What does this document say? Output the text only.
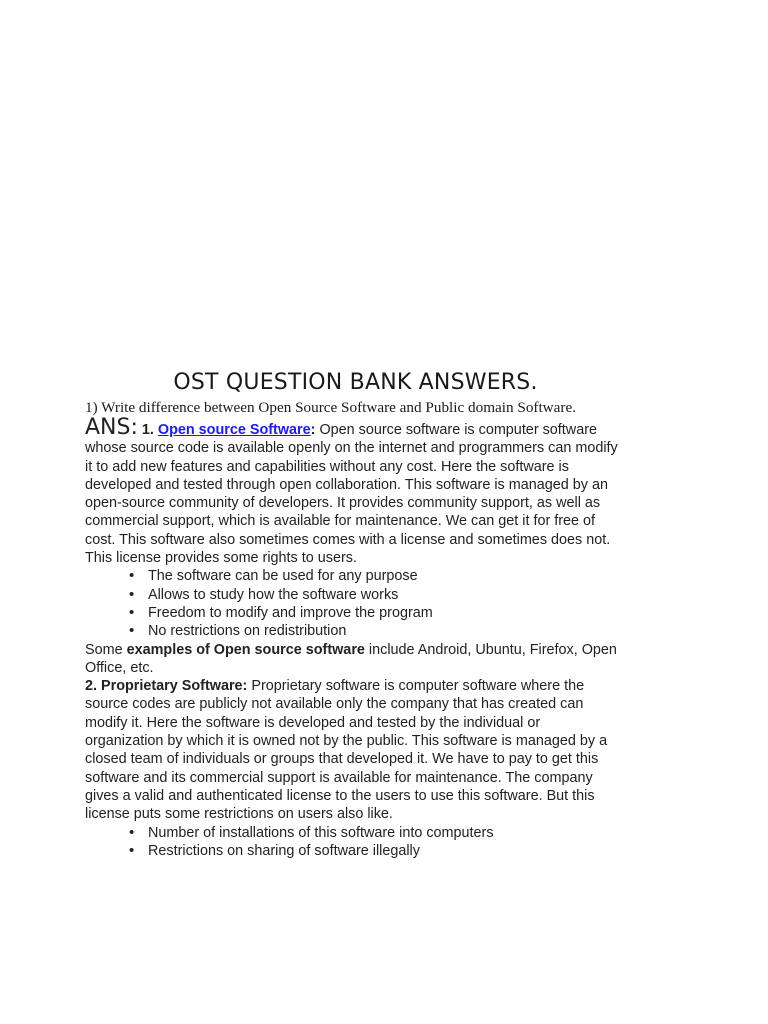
OST QUESTION BANK ANSWERS.

1) Write difference between Open Source Software and Public domain Software.

ANS: 1. Open source Software: Open source software is computer software whose source code is available openly on the internet and programmers can modify it to add new features and capabilities without any cost. Here the software is developed and tested through open collaboration. This software is managed by an open-source community of developers. It provides community support, as well as commercial support, which is available for maintenance. We can get it for free of cost. This software also sometimes comes with a license and sometimes does not. This license provides some rights to users.

• The software can be used for any purpose
• Allows to study how the software works
• Freedom to modify and improve the program
• No restrictions on redistribution

Some examples of Open source software include Android, Ubuntu, Firefox, Open Office, etc.

2. Proprietary Software: Proprietary software is computer software where the source codes are publicly not available only the company that has created can modify it. Here the software is developed and tested by the individual or organization by which it is owned not by the public. This software is managed by a closed team of individuals or groups that developed it. We have to pay to get this software and its commercial support is available for maintenance. The company gives a valid and authenticated license to the users to use this software. But this license puts some restrictions on users also like.

• Number of installations of this software into computers
• Restrictions on sharing of software illegally
